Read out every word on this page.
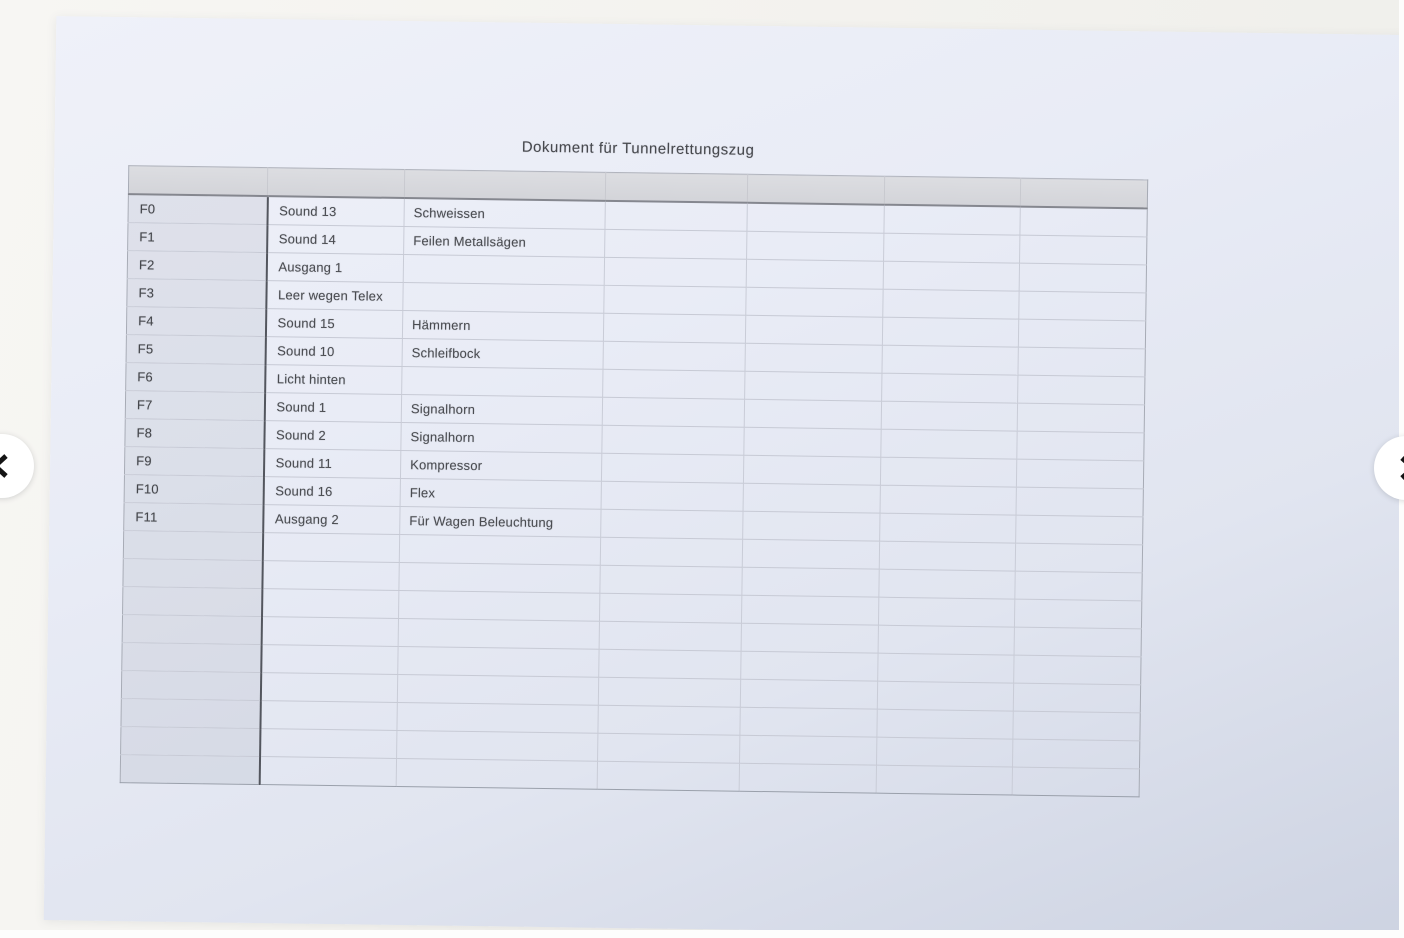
Dokument für Tunnelrettungszug

F0	Sound 13	Schweissen				
F1	Sound 14	Feilen Metallsägen				
F2	Ausgang 1					
F3	Leer wegen Telex					
F4	Sound 15	Hämmern				
F5	Sound 10	Schleifbock				
F6	Licht hinten					
F7	Sound 1	Signalhorn				
F8	Sound 2	Signalhorn				
F9	Sound 11	Kompressor				
F10	Sound 16	Flex				
F11	Ausgang 2	Für Wagen Beleuchtung				
